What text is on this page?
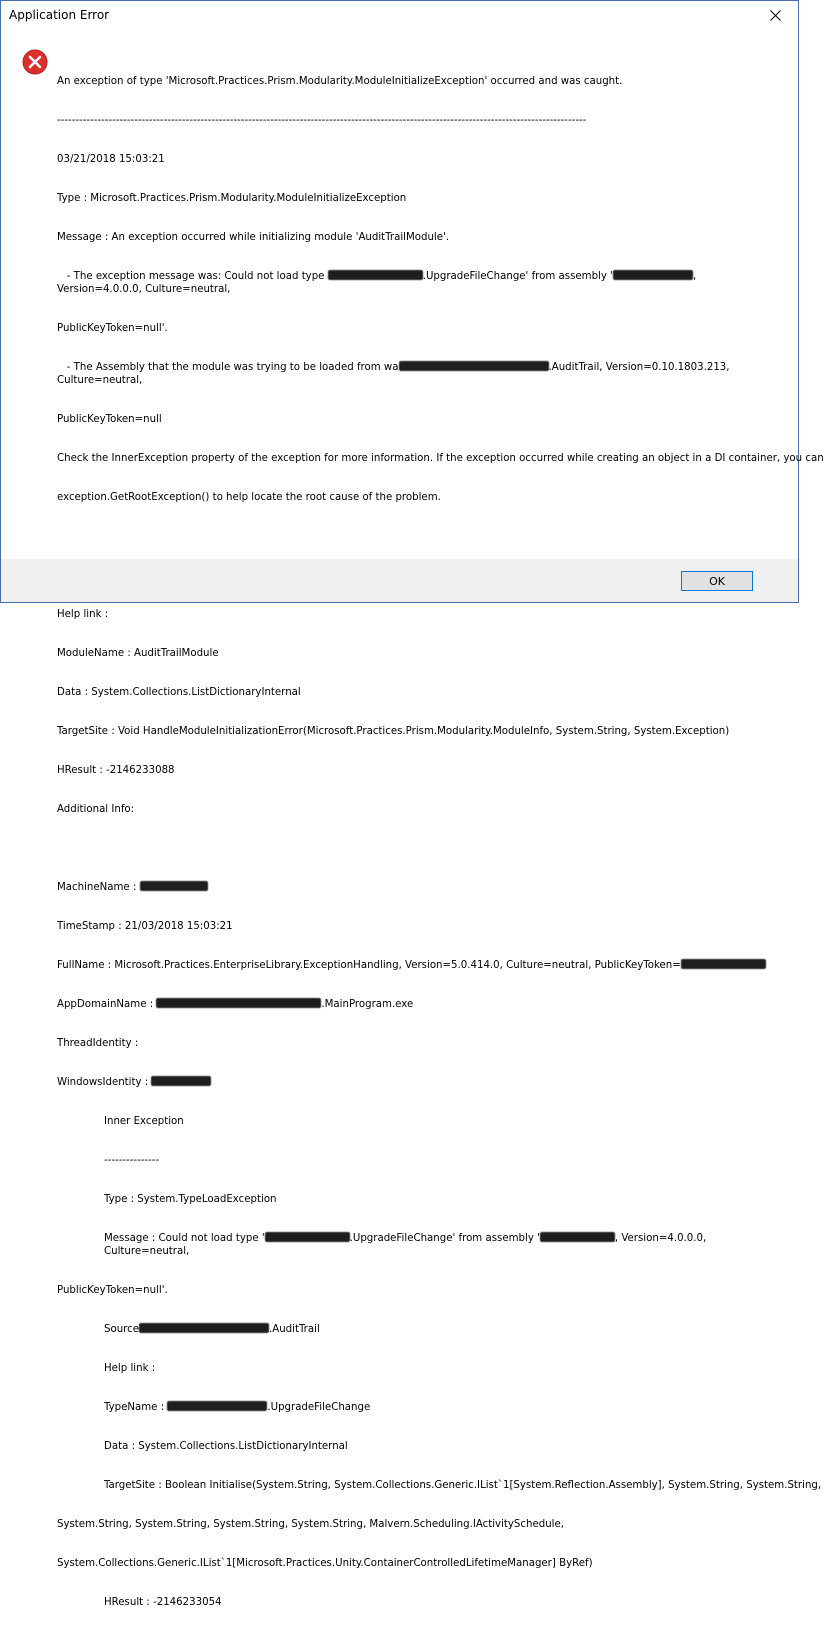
Application Error

An exception of type 'Microsoft.Practices.Prism.Modularity.ModuleInitializeException' occurred and was caught.

------------------------------------------------------------------------------------------------------------------------------------------------

03/21/2018 15:03:21

Type : Microsoft.Practices.Prism.Modularity.ModuleInitializeException

Message : An exception occurred while initializing module 'AuditTrailModule'.

- The exception message was: Could not load type	.UpgradeFileChange' from assembly '	, Version=4.0.0.0, Culture=neutral,

PublicKeyToken=null'.

- The Assembly that the module was trying to be loaded from wa	.AuditTrail, Version=0.10.1803.213, Culture=neutral,

PublicKeyToken=null

Check the InnerException property of the exception for more information. If the exception occurred while creating an object in a DI container, you can

exception.GetRootException() to help locate the root cause of the problem.

Help link :

ModuleName : AuditTrailModule

Data : System.Collections.ListDictionaryInternal

TargetSite : Void HandleModuleInitializationError(Microsoft.Practices.Prism.Modularity.ModuleInfo, System.String, System.Exception)

HResult : -2146233088

Additional Info:

MachineName :

TimeStamp : 21/03/2018 15:03:21

FullName : Microsoft.Practices.EnterpriseLibrary.ExceptionHandling, Version=5.0.414.0, Culture=neutral, PublicKeyToken=

AppDomainName :	.MainProgram.exe

ThreadIdentity :

WindowsIdentity :

Inner Exception

---------------

Type : System.TypeLoadException

Message : Could not load type '	.UpgradeFileChange' from assembly '	, Version=4.0.0.0, Culture=neutral,

PublicKeyToken=null'.

Source	.AuditTrail

Help link :

TypeName :	.UpgradeFileChange

Data : System.Collections.ListDictionaryInternal

TargetSite : Boolean Initialise(System.String, System.Collections.Generic.IList`1[System.Reflection.Assembly], System.String, System.String,

System.String, System.String, System.String, System.String, Malvern.Scheduling.IActivitySchedule,

System.Collections.Generic.IList`1[Microsoft.Practices.Unity.ContainerControlledLifetimeManager] ByRef)

HResult : -2146233054

OK
